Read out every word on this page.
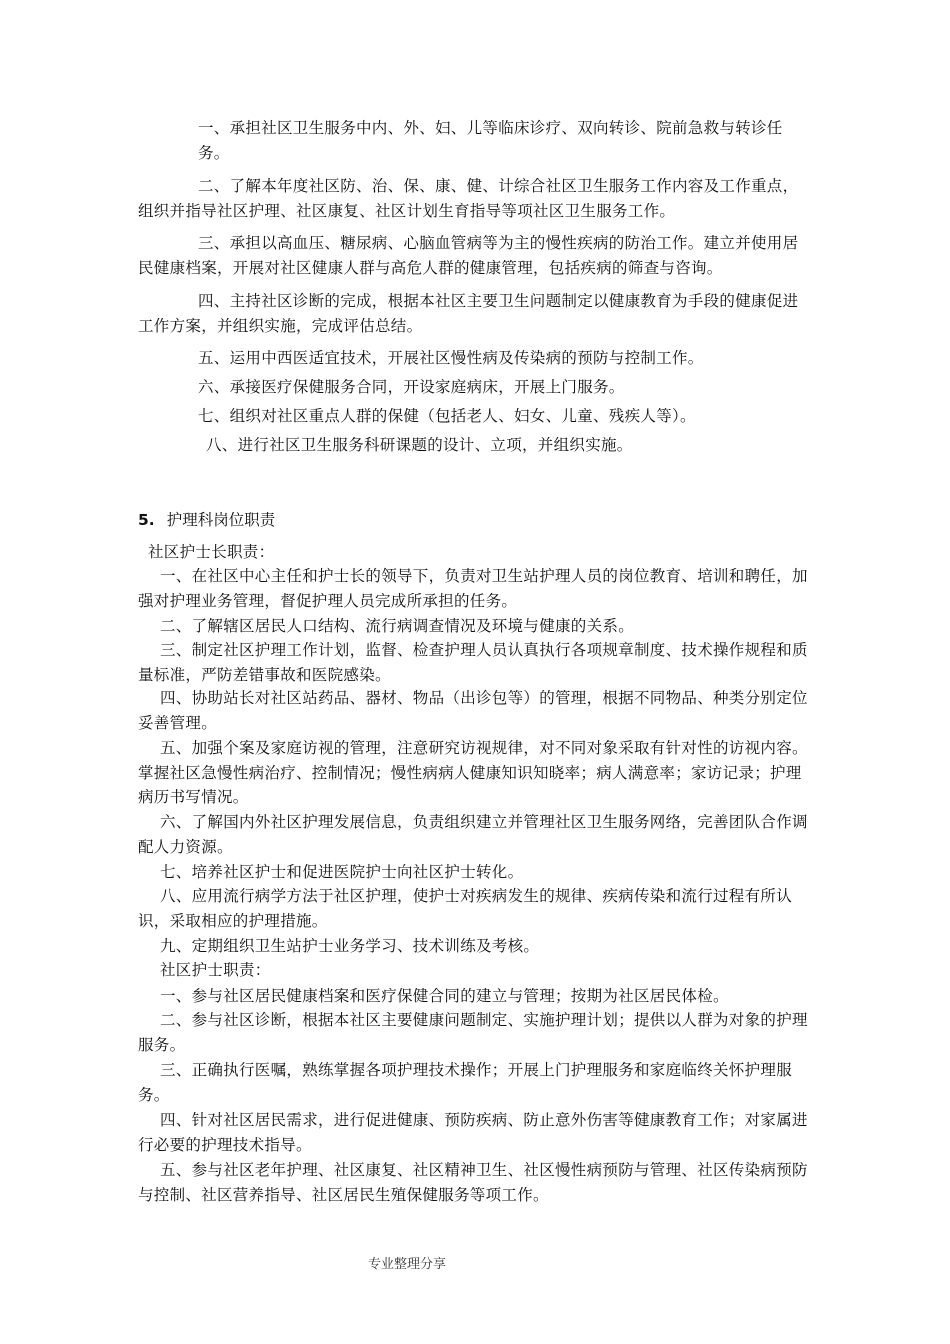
一、承担社区卫生服务中内、外、妇、儿等临床诊疗、双向转诊、院前急救与转诊任务。

二、了解本年度社区防、治、保、康、健、计综合社区卫生服务工作内容及工作重点，组织并指导社区护理、社区康复、社区计划生育指导等项社区卫生服务工作。

三、承担以高血压、糖尿病、心脑血管病等为主的慢性疾病的防治工作。建立并使用居民健康档案，开展对社区健康人群与高危人群的健康管理，包括疾病的筛查与咨询。

四、主持社区诊断的完成，根据本社区主要卫生问题制定以健康教育为手段的健康促进工作方案，并组织实施，完成评估总结。

五、运用中西医适宜技术，开展社区慢性病及传染病的预防与控制工作。

六、承接医疗保健服务合同，开设家庭病床，开展上门服务。

七、组织对社区重点人群的保健（包括老人、妇女、儿童、残疾人等）。

八、进行社区卫生服务科研课题的设计、立项，并组织实施。

5. 护理科岗位职责

社区护士长职责：

一、在社区中心主任和护士长的领导下，负责对卫生站护理人员的岗位教育、培训和聘任，加强对护理业务管理，督促护理人员完成所承担的任务。

二、了解辖区居民人口结构、流行病调查情况及环境与健康的关系。

三、制定社区护理工作计划，监督、检查护理人员认真执行各项规章制度、技术操作规程和质量标准，严防差错事故和医院感染。

四、协助站长对社区站药品、器材、物品（出诊包等）的管理，根据不同物品、种类分别定位妥善管理。

五、加强个案及家庭访视的管理，注意研究访视规律，对不同对象采取有针对性的访视内容。掌握社区急慢性病治疗、控制情况；慢性病病人健康知识知晓率；病人满意率；家访记录；护理病历书写情况。

六、了解国内外社区护理发展信息，负责组织建立并管理社区卫生服务网络，完善团队合作调配人力资源。

七、培养社区护士和促进医院护士向社区护士转化。

八、应用流行病学方法于社区护理，使护士对疾病发生的规律、疾病传染和流行过程有所认识，采取相应的护理措施。

九、定期组织卫生站护士业务学习、技术训练及考核。

社区护士职责：

一、参与社区居民健康档案和医疗保健合同的建立与管理；按期为社区居民体检。

二、参与社区诊断，根据本社区主要健康问题制定、实施护理计划；提供以人群为对象的护理服务。

三、正确执行医嘱，熟练掌握各项护理技术操作；开展上门护理服务和家庭临终关怀护理服务。

四、针对社区居民需求，进行促进健康、预防疾病、防止意外伤害等健康教育工作；对家属进行必要的护理技术指导。

五、参与社区老年护理、社区康复、社区精神卫生、社区慢性病预防与管理、社区传染病预防与控制、社区营养指导、社区居民生殖保健服务等项工作。

专业整理分享
